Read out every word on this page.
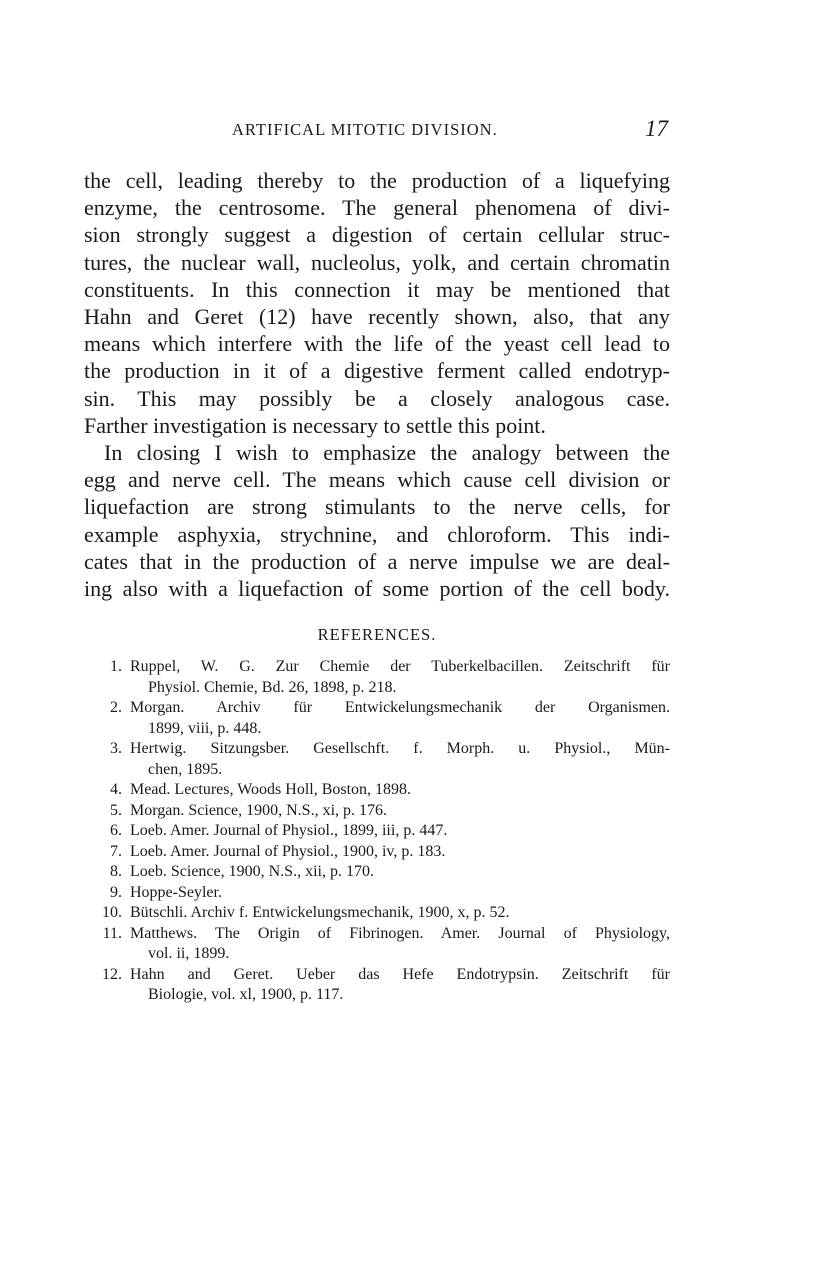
ARTIFICAL MITOTIC DIVISION.	17

the cell, leading thereby to the production of a liquefying
enzyme, the centrosome. The general phenomena of divi-
sion strongly suggest a digestion of certain cellular struc-
tures, the nuclear wall, nucleolus, yolk, and certain chromatin
constituents. In this connection it may be mentioned that
Hahn and Geret (12) have recently shown, also, that any
means which interfere with the life of the yeast cell lead to
the production in it of a digestive ferment called endotryp-
sin. This may possibly be a closely analogous case.
Farther investigation is necessary to settle this point.

In closing I wish to emphasize the analogy between the
egg and nerve cell. The means which cause cell division or
liquefaction are strong stimulants to the nerve cells, for
example asphyxia, strychnine, and chloroform. This indi-
cates that in the production of a nerve impulse we are deal-
ing also with a liquefaction of some portion of the cell body.

REFERENCES.
1. Ruppel, W. G. Zur Chemie der Tuberkelbacillen. Zeitschrift für
Physiol. Chemie, Bd. 26, 1898, p. 218.
2. Morgan. Archiv für Entwickelungsmechanik der Organismen.
1899, viii, p. 448.
3. Hertwig. Sitzungsber. Gesellschft. f. Morph. u. Physiol., Mün-
chen, 1895.
4. Mead. Lectures, Woods Holl, Boston, 1898.
5. Morgan. Science, 1900, N.S., xi, p. 176.
6. Loeb. Amer. Journal of Physiol., 1899, iii, p. 447.
7. Loeb. Amer. Journal of Physiol., 1900, iv, p. 183.
8. Loeb. Science, 1900, N.S., xii, p. 170.
9. Hoppe-Seyler.
10. Bütschli. Archiv f. Entwickelungsmechanik, 1900, x, p. 52.
11. Matthews. The Origin of Fibrinogen. Amer. Journal of Physiology,
vol. ii, 1899.
12. Hahn and Geret. Ueber das Hefe Endotrypsin. Zeitschrift für
Biologie, vol. xl, 1900, p. 117.
